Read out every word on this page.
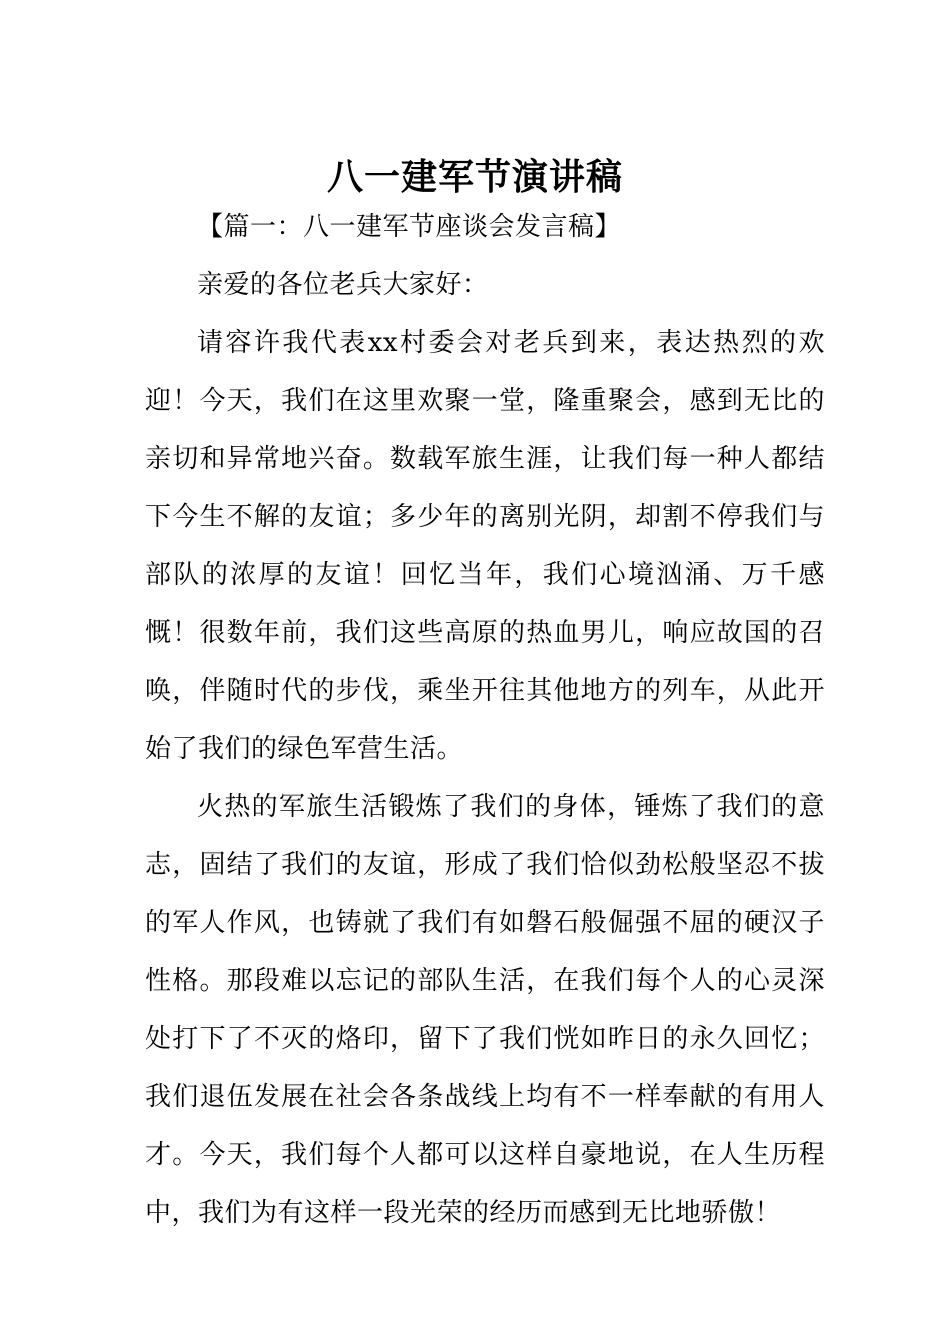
八一建军节演讲稿

【篇一：八一建军节座谈会发言稿】

亲爱的各位老兵大家好：

请容许我代表xx村委会对老兵到来，表达热烈的欢迎！今天，我们在这里欢聚一堂，隆重聚会，感到无比的亲切和异常地兴奋。数载军旅生涯，让我们每一种人都结下今生不解的友谊；多少年的离别光阴，却割不停我们与部队的浓厚的友谊！回忆当年，我们心境汹涌、万千感慨！很数年前，我们这些高原的热血男儿，响应故国的召唤，伴随时代的步伐，乘坐开往其他地方的列车，从此开始了我们的绿色军营生活。

火热的军旅生活锻炼了我们的身体，锤炼了我们的意志，固结了我们的友谊，形成了我们恰似劲松般坚忍不拔的军人作风，也铸就了我们有如磐石般倔强不屈的硬汉子性格。那段难以忘记的部队生活，在我们每个人的心灵深处打下了不灭的烙印，留下了我们恍如昨日的永久回忆；我们退伍发展在社会各条战线上均有不一样奉献的有用人才。今天，我们每个人都可以这样自豪地说，在人生历程中，我们为有这样一段光荣的经历而感到无比地骄傲！
